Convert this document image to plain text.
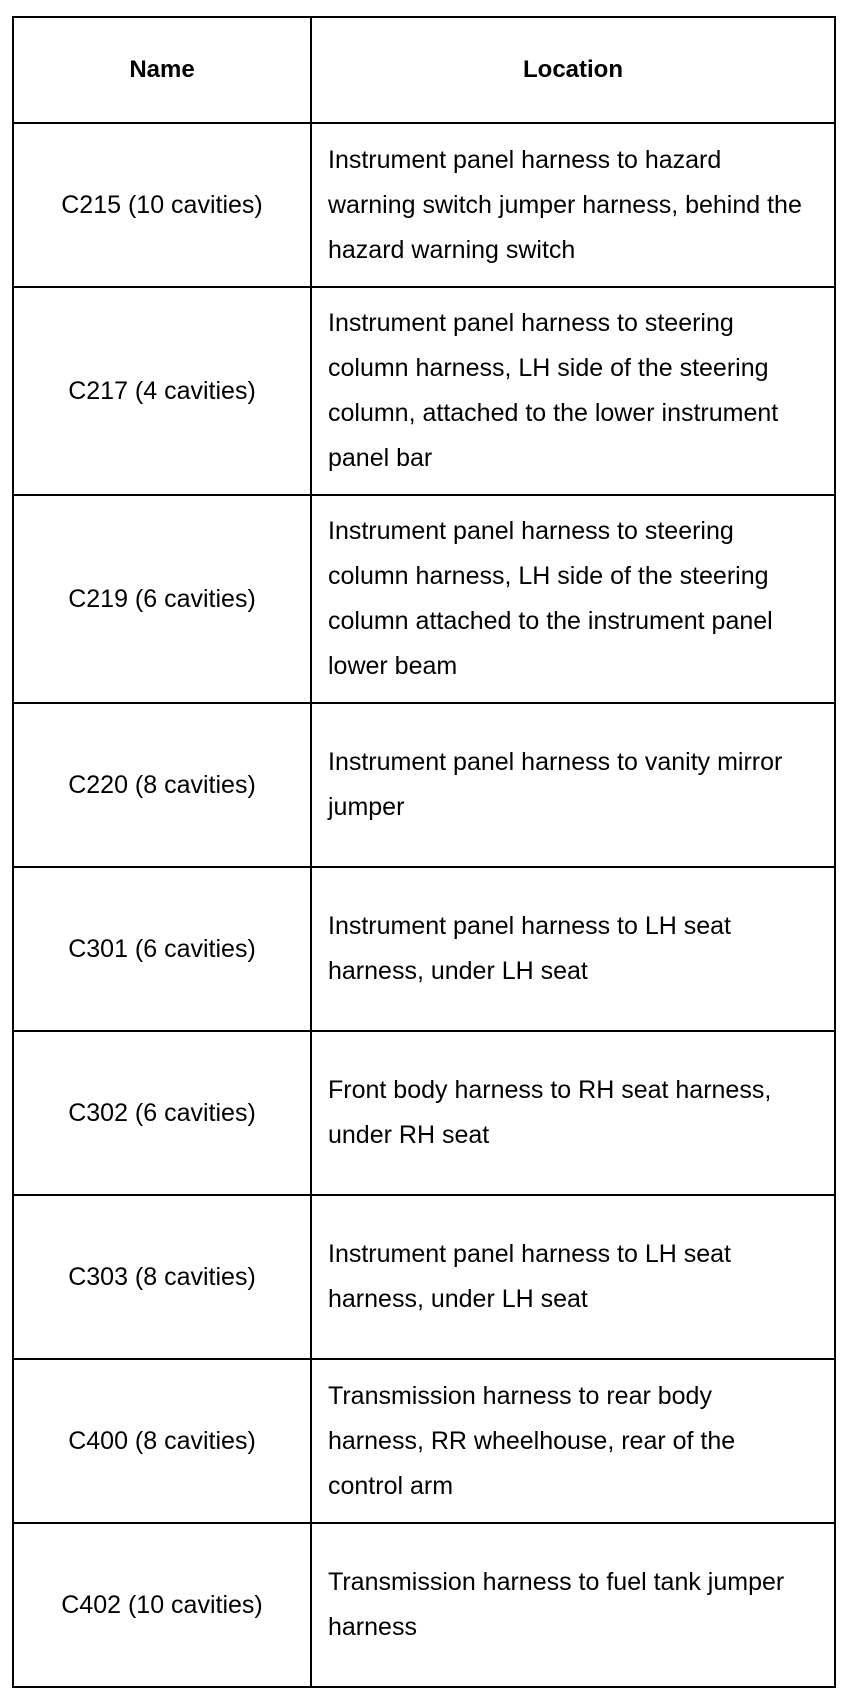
Name	Location
C215 (10 cavities)	Instrument panel harness to hazard warning switch jumper harness, behind the hazard warning switch
C217 (4 cavities)	Instrument panel harness to steering column harness, LH side of the steering column, attached to the lower instrument panel bar
C219 (6 cavities)	Instrument panel harness to steering column harness, LH side of the steering column attached to the instrument panel lower beam
C220 (8 cavities)	Instrument panel harness to vanity mirror jumper
C301 (6 cavities)	Instrument panel harness to LH seat harness, under LH seat
C302 (6 cavities)	Front body harness to RH seat harness, under RH seat
C303 (8 cavities)	Instrument panel harness to LH seat harness, under LH seat
C400 (8 cavities)	Transmission harness to rear body harness, RR wheelhouse, rear of the control arm
C402 (10 cavities)	Transmission harness to fuel tank jumper harness
